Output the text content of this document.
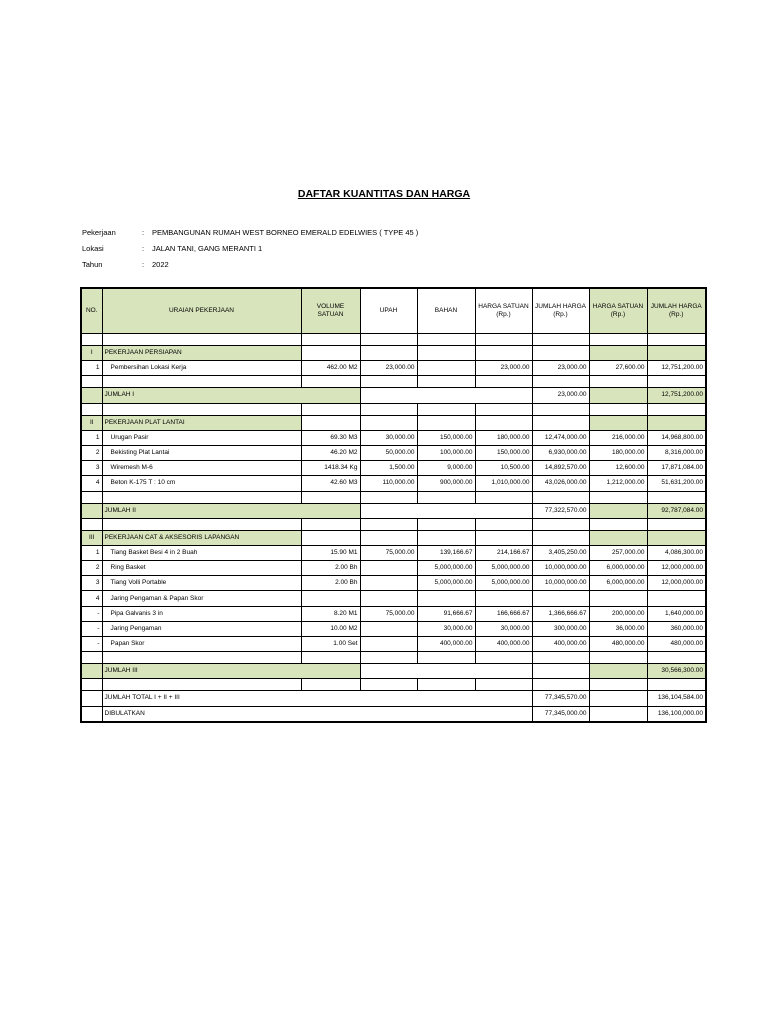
DAFTAR KUANTITAS DAN HARGA
Pekerjaan	: PEMBANGUNAN RUMAH WEST BORNEO EMERALD EDELWIES ( TYPE 45 )
Lokasi	: JALAN TANI, GANG MERANTI 1
Tahun	: 2022
NO.	URAIAN PEKERJAAN	VOLUME SATUAN	UPAH	BAHAN	HARGA SATUAN (Rp.)	JUMLAH HARGA (Rp.)	HARGA SATUAN (Rp.)	JUMLAH HARGA (Rp.)

I	PEKERJAAN PERSIAPAN							
1	Pembersihan Lokasi Kerja	462.00 M2	23,000.00		23,000.00	23,000.00	27,600.00	12,751,200.00

	JUMLAH I					23,000.00		12,751,200.00

II	PEKERJAAN PLAT LANTAI							
1	Urugan Pasir	69.30 M3	30,000.00	150,000.00	180,000.00	12,474,000.00	216,000.00	14,968,800.00
2	Bekisting Plat Lantai	46.20 M2	50,000.00	100,000.00	150,000.00	6,930,000.00	180,000.00	8,316,000.00
3	Wiremesh M-6	1418.34 Kg	1,500.00	9,000.00	10,500.00	14,892,570.00	12,600.00	17,871,084.00
4	Beton K-175 T : 10 cm	42.60 M3	110,000.00	900,000.00	1,010,000.00	43,026,000.00	1,212,000.00	51,631,200.00

	JUMLAH II					77,322,570.00		92,787,084.00

III	PEKERJAAN CAT & AKSESORIS LAPANGAN							
1	Tiang Basket Besi 4 in 2 Buah	15.90 M1	75,000.00	139,166.67	214,166.67	3,405,250.00	257,000.00	4,086,300.00
2	Ring Basket	2.00 Bh		5,000,000.00	5,000,000.00	10,000,000.00	6,000,000.00	12,000,000.00
3	Tiang Volli Portable	2.00 Bh		5,000,000.00	5,000,000.00	10,000,000.00	6,000,000.00	12,000,000.00
4	Jaring Pengaman & Papan Skor							
-	Pipa Galvanis 3 in	8.20 M1	75,000.00	91,666.67	166,666.67	1,366,666.67	200,000.00	1,640,000.00
-	Jaring Pengaman	10.00 M2		30,000.00	30,000.00	300,000.00	36,000.00	360,000.00
-	Papan Skor	1.00 Set		400,000.00	400,000.00	400,000.00	480,000.00	480,000.00

	JUMLAH III							30,566,300.00

	JUMLAH TOTAL I + II + III					77,345,570.00		136,104,584.00
	DIBULATKAN					77,345,000.00		136,100,000.00
